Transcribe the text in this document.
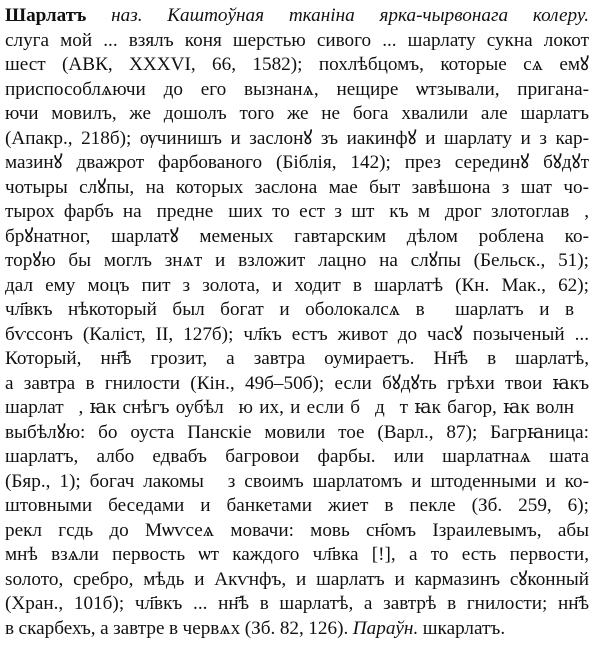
Шарлатъ наз. Каштоўная тканіна ярка-чырвонага колеру.
слуга мой ... взялъ коня шерстью сивого ... шарлату сукна локот
шест (АВК, XXXVI, 66, 1582); похлѣбцомъ, которые сѧ емꙋ
приспособлѧючи до его вызнанѧ, нещире ѡтзывали, пригана-
ючи мовилъ, же дошолъ того же не бога хвалили але шарлатъ
(Апакр., 218б); ѹчинишъ и заслонꙋ зъ иакинфꙋ и шарлату и з кар-
мазинꙋ дважрот фарбованого (Біблія, 142); през серединꙋ бꙋдꙋт
чотыры слꙋпы, на которых заслона мае быт завѣшона з шат чо-
тырох фарбъ наⷭпреднеⷭших то ест з штꙋкъ мꙋдрог злотоглавꙋ,
брꙋнатног, шарлатꙋ меменых гавтарским дѣлом роблена ко-
торꙋю бы моглъ знѧт и взложит лацно на слꙋпы (Бельск., 51);
дал ему моцъ пит з золота, и ходит в шарлатѣ (Кн. Мак., 62);
чл҃вкъ нѣкоторый был богат и оболокалсѧ вⷭ шарлатъ и вⷭ
бѵссонъ (Каліст, II, 127б); чл҃къ естъ живот до часꙋ позыченый ...
Который, нн҃ѣ грозит, а завтра оумираетъ. Нн҃ѣ в шарлатѣ,
а завтра в гнилости (Кін., 49б–50б); если бꙋдꙋть грѣхи твои ꙗкъ
шарлатⷭ, ꙗк снѣгъ оубѣлꙋю их, и если бꙋдꙋт ꙗк багор, ꙗк волнꙋ
выбѣлꙋю: бо оуста Панскіе мовили тое (Варл., 87); Багрꙗница:
шарлатъ, албо едвабъ багровои фарбы. или шарлатнаѧ шата
(Бяр., 1); богач лакомыⷭ з своимъ шарлатомъ и штоденными и ко-
штовными беседами и банкетами жиет в пекле (Зб. 259, 6);
рекл гсдь до Мѡѵсеѧ мовачи: мовь сн҃омъ Ізраилевымъ, абы
мнѣ взѧли первость ѡт каждого чл҃вка [!], а то есть первости,
ѕолото, сребро, мѣдь и Акѵнфъ, и шарлатъ и кармазинъ сꙋконный
(Хран., 101б); чл҃вкъ ... нн҃ѣ в шарлатѣ, а завтрѣ в гнилости; нн҃ѣ
в скарбехъ, а завтре в червѧх (Зб. 82, 126). Параўн. шкарлатъ.
